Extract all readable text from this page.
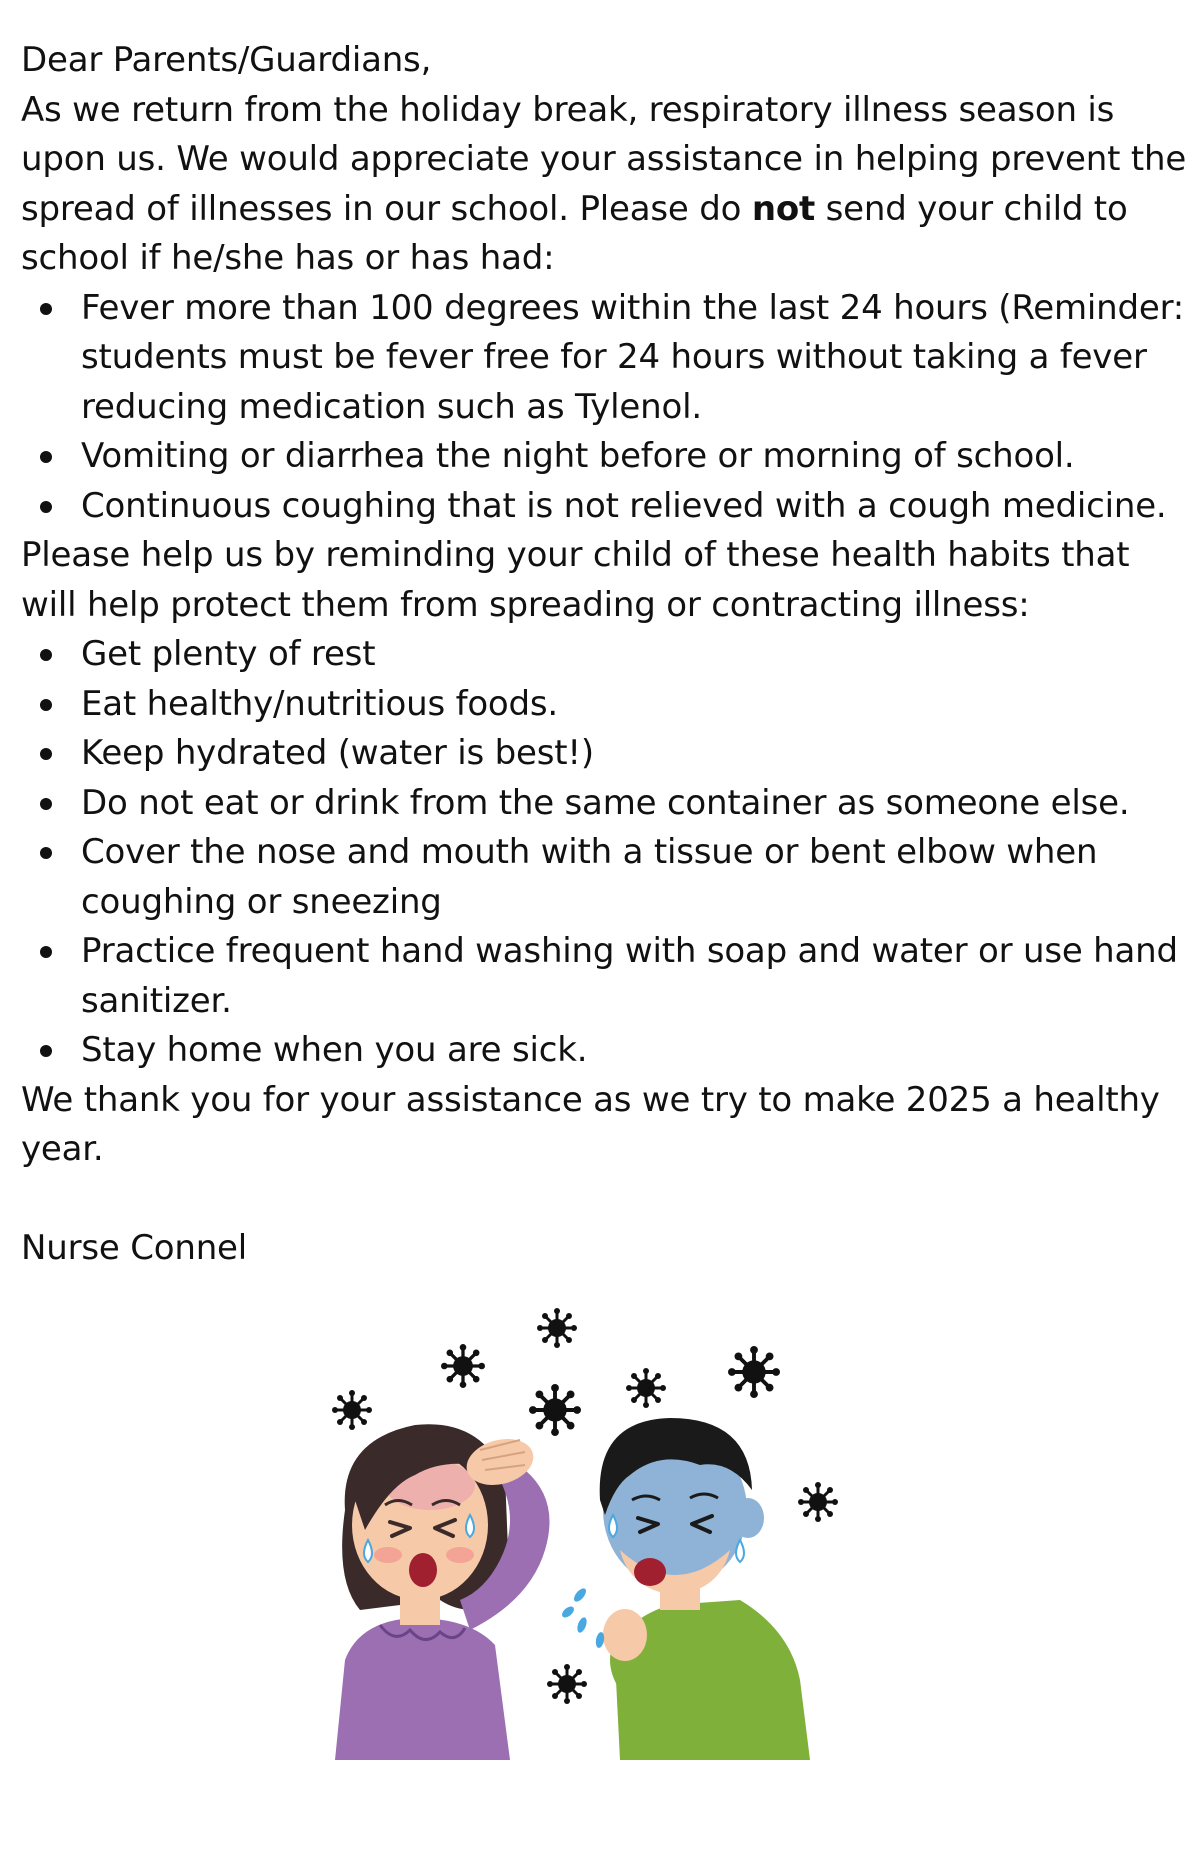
Dear Parents/Guardians,

As we return from the holiday break, respiratory illness season is upon us. We would appreciate your assistance in helping prevent the spread of illnesses in our school. Please do not send your child to school if he/she has or has had:

Fever more than 100 degrees within the last 24 hours (Reminder: students must be fever free for 24 hours without taking a fever reducing medication such as Tylenol.
Vomiting or diarrhea the night before or morning of school.
Continuous coughing that is not relieved with a cough medicine.

Please help us by reminding your child of these health habits that will help protect them from spreading or contracting illness:

Get plenty of rest
Eat healthy/nutritious foods.
Keep hydrated (water is best!)
Do not eat or drink from the same container as someone else.
Cover the nose and mouth with a tissue or bent elbow when coughing or sneezing
Practice frequent hand washing with soap and water or use hand sanitizer.
Stay home when you are sick.

We thank you for your assistance as we try to make 2025 a healthy year.

Nurse Connel
